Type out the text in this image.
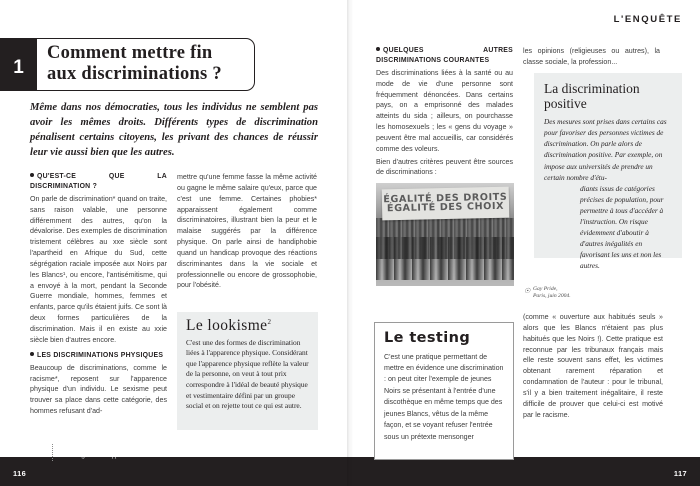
1
Comment mettre fin aux discriminations ?
Même dans nos démocraties, tous les individus ne semblent pas avoir les mêmes droits. Différents types de discrimination pénalisent certains citoyens, les privant des chances de réussir leur vie aussi bien que les autres.
QU'EST-CE QUE LA DISCRIMINATION ?

On parle de discrimination* quand on traite, sans raison valable, une personne différemment des autres, qu'on la dévalorise. Des exemples de discrimination tristement célèbres au xxe siècle sont l'apartheid en Afrique du Sud, cette ségrégation raciale imposée aux Noirs par les Blancs¹, ou encore, l'antisémitisme, qui a envoyé à la mort, pendant la Seconde Guerre mondiale, hommes, femmes et enfants, parce qu'ils étaient juifs. Ce sont là deux formes particulières de la discrimination. Mais il en existe au xxie siècle bien d'autres encore.

LES DISCRIMINATIONS PHYSIQUES

Beaucoup de discriminations, comme le racisme*, reposent sur l'apparence physique d'un individu. Le sexisme peut trouver sa place dans cette catégorie, des hommes refusant d'ad-

mettre qu'une femme fasse la même activité ou gagne le même salaire qu'eux, parce que c'est une femme. Certaines phobies* apparaissent également comme discriminatoires, illustrant bien la peur et le malaise suggérés par la différence physique. On parle ainsi de handiphobie quand un handicap provoque des réactions discriminantes dans la vie sociale et professionnelle ou encore de grossophobie, pour l'obésité.

Le lookisme$^2$
C'est une des formes de discrimination liées à l'apparence physique. Considérant que l'apparence physique reflète la valeur de la personne, on veut à tout prix correspondre à l'idéal de beauté physique et vestimentaire défini par un groupe social et on rejette tout ce qui est autre.
1. L'apartheid fut aboli le 30 juin 1991.
2. De l'anglais look : apparence.
116	117
L'ENQUÊTE
QUELQUES AUTRES DISCRIMINATIONS COURANTES

Des discriminations liées à la santé ou au mode de vie d'une personne sont fréquemment dénoncées. Dans certains pays, on a emprisonné des malades atteints du sida ; ailleurs, on pourchasse les homosexuels ; les « gens du voyage » peuvent être mal accueillis, car considérés comme des voleurs.

Bien d'autres critères peuvent être sources de discriminations :

les opinions (religieuses ou autres), la classe sociale, la profession...

La discrimination positive
Des mesures sont prises dans certains cas pour favoriser des personnes victimes de discrimination. On parle alors de discrimination positive. Par exemple, on impose aux universités de prendre un certain nombre d'étu-
diants issus de catégories précises de population, pour permettre à tous d'accéder à l'instruction. On risque évidemment d'aboutir à d'autres inégalités en favorisant les uns et non les autres.
ÉGALITÉ DES DROITS
ÉGALITÉ DES CHOIX
☉ Gay Pride,
Paris, juin 2004.
Le testing
C'est une pratique permettant de mettre en évidence une discrimination : on peut citer l'exemple de jeunes Noirs se présentant à l'entrée d'une discothèque en même temps que des jeunes Blancs, vêtus de la même façon, et se voyant refuser l'entrée sous un prétexte mensonger

(comme « ouverture aux habitués seuls » alors que les Blancs n'étaient pas plus habitués que les Noirs !). Cette pratique est reconnue par les tribunaux français mais elle reste souvent sans effet, les victimes obtenant rarement réparation et condamnation de l'auteur : pour le tribunal, s'il y a bien traitement inégalitaire, il reste difficile de prouver que celui-ci est motivé par le racisme.
